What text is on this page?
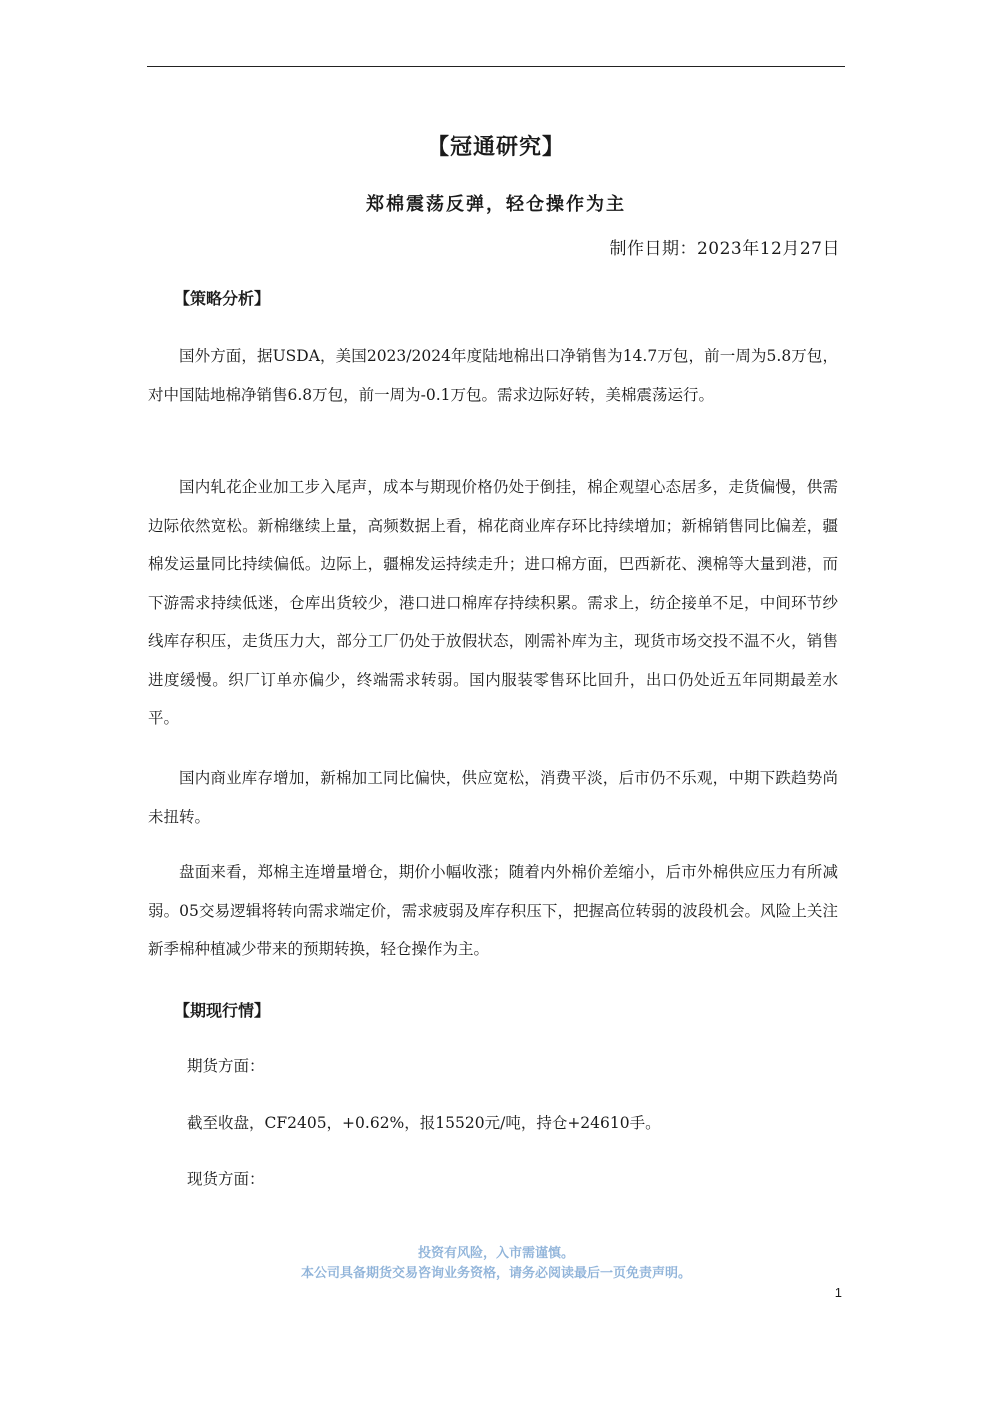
【冠通研究】
郑棉震荡反弹，轻仓操作为主
制作日期：2023年12月27日
【策略分析】

国外方面，据USDA，美国2023/2024年度陆地棉出口净销售为14.7万包，前一周为5.8万包，对中国陆地棉净销售6.8万包，前一周为-0.1万包。需求边际好转，美棉震荡运行。

国内轧花企业加工步入尾声，成本与期现价格仍处于倒挂，棉企观望心态居多，走货偏慢，供需边际依然宽松。新棉继续上量，高频数据上看，棉花商业库存环比持续增加；新棉销售同比偏差，疆棉发运量同比持续偏低。边际上，疆棉发运持续走升；进口棉方面，巴西新花、澳棉等大量到港，而下游需求持续低迷，仓库出货较少，港口进口棉库存持续积累。需求上，纺企接单不足，中间环节纱线库存积压，走货压力大，部分工厂仍处于放假状态，刚需补库为主，现货市场交投不温不火，销售进度缓慢。织厂订单亦偏少，终端需求转弱。国内服装零售环比回升，出口仍处近五年同期最差水平。

国内商业库存增加，新棉加工同比偏快，供应宽松，消费平淡，后市仍不乐观，中期下跌趋势尚未扭转。

盘面来看，郑棉主连增量增仓，期价小幅收涨；随着内外棉价差缩小，后市外棉供应压力有所减弱。05交易逻辑将转向需求端定价，需求疲弱及库存积压下，把握高位转弱的波段机会。风险上关注新季棉种植减少带来的预期转换，轻仓操作为主。

【期现行情】
期货方面：
截至收盘，CF2405，+0.62%，报15520元/吨，持仓+24610手。
现货方面：
投资有风险，入市需谨慎。
本公司具备期货交易咨询业务资格，请务必阅读最后一页免责声明。
1
